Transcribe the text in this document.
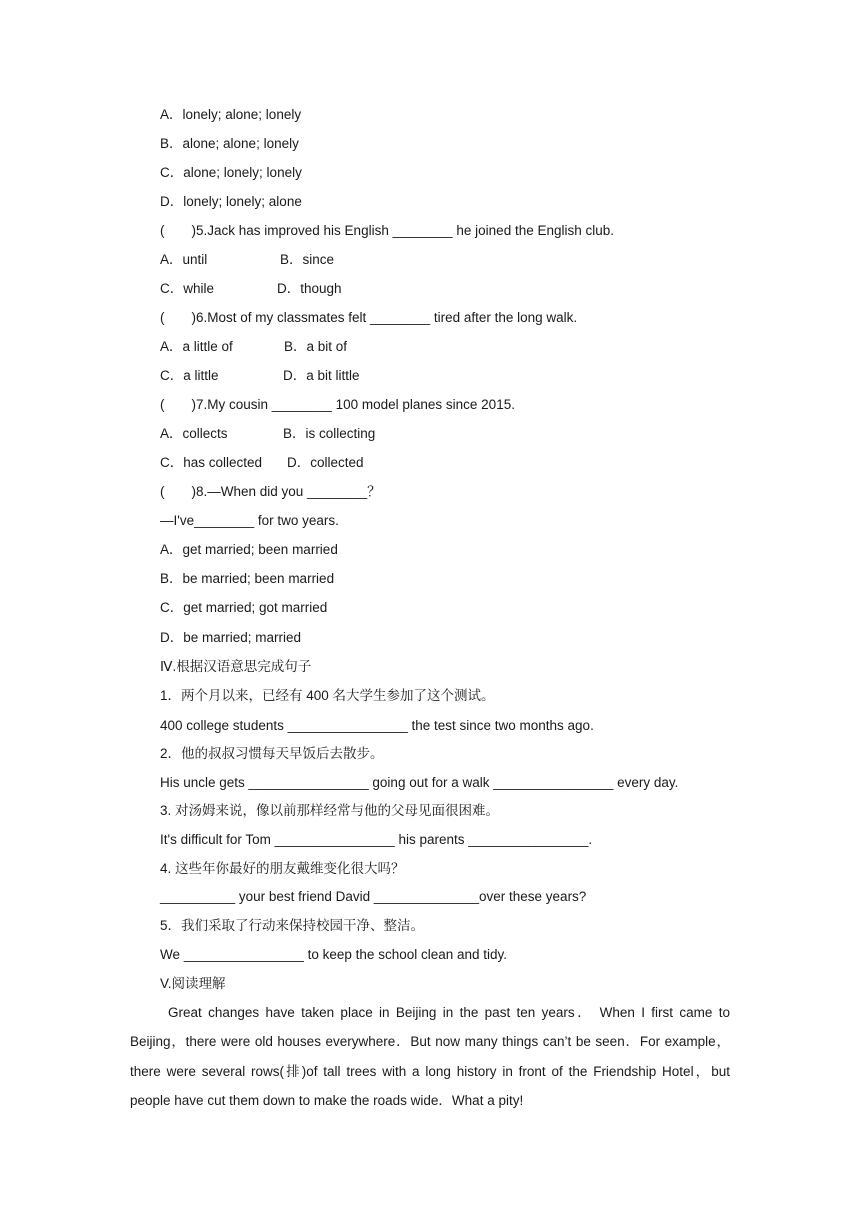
A．lonely; alone; lonely
B．alone; alone; lonely
C．alone; lonely; lonely
D．lonely; lonely; alone
(　　)5.Jack has improved his English ________ he joined the English club.
A．until	B．since
C．while	D．though
(　　)6.Most of my classmates felt ________ tired after the long walk.
A．a little of	B．a bit of
C．a little	D．a bit little
(　　)7.My cousin ________ 100 model planes since 2015.
A．collects	B．is collecting
C．has collected D．collected
(　　)8.—When did you ________？
—I've________ for two years.
A．get married; been married
B．be married; been married
C．get married; got married
D．be married; married
Ⅳ.根据汉语意思完成句子
1．两个月以来，已经有 400 名大学生参加了这个测试。
400 college students ________________ the test since two months ago.
2．他的叔叔习惯每天早饭后去散步。
His uncle gets ________________ going out for a walk ________________ every day.
3. 对汤姆来说，像以前那样经常与他的父母见面很困难。
It's difficult for Tom ________________ his parents ________________.
4. 这些年你最好的朋友戴维变化很大吗？
__________ your best friend David ______________over these years?
5．我们采取了行动来保持校园干净、整洁。
We ________________ to keep the school clean and tidy.
V.阅读理解
Great changes have taken place in Beijing in the past ten years． When I first came to Beijing，there were old houses everywhere．But now many things can’t be seen．For example，there were several rows(排)of tall trees with a long history in front of the Friendship Hotel，but people have cut them down to make the roads wide．What a pity!
